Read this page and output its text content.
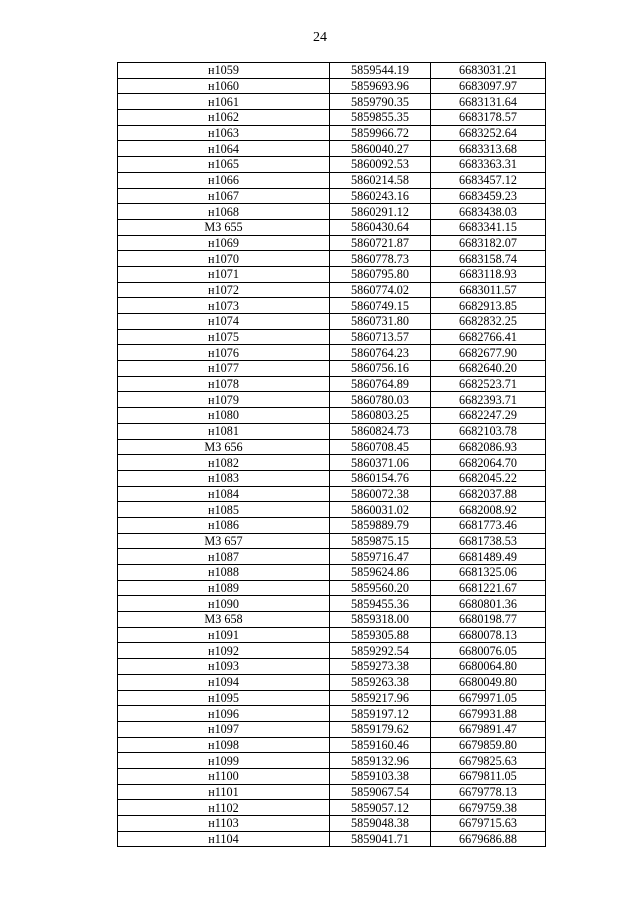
24
н1059	5859544.19	6683031.21
н1060	5859693.96	6683097.97
н1061	5859790.35	6683131.64
н1062	5859855.35	6683178.57
н1063	5859966.72	6683252.64
н1064	5860040.27	6683313.68
н1065	5860092.53	6683363.31
н1066	5860214.58	6683457.12
н1067	5860243.16	6683459.23
н1068	5860291.12	6683438.03
МЗ 655	5860430.64	6683341.15
н1069	5860721.87	6683182.07
н1070	5860778.73	6683158.74
н1071	5860795.80	6683118.93
н1072	5860774.02	6683011.57
н1073	5860749.15	6682913.85
н1074	5860731.80	6682832.25
н1075	5860713.57	6682766.41
н1076	5860764.23	6682677.90
н1077	5860756.16	6682640.20
н1078	5860764.89	6682523.71
н1079	5860780.03	6682393.71
н1080	5860803.25	6682247.29
н1081	5860824.73	6682103.78
МЗ 656	5860708.45	6682086.93
н1082	5860371.06	6682064.70
н1083	5860154.76	6682045.22
н1084	5860072.38	6682037.88
н1085	5860031.02	6682008.92
н1086	5859889.79	6681773.46
МЗ 657	5859875.15	6681738.53
н1087	5859716.47	6681489.49
н1088	5859624.86	6681325.06
н1089	5859560.20	6681221.67
н1090	5859455.36	6680801.36
МЗ 658	5859318.00	6680198.77
н1091	5859305.88	6680078.13
н1092	5859292.54	6680076.05
н1093	5859273.38	6680064.80
н1094	5859263.38	6680049.80
н1095	5859217.96	6679971.05
н1096	5859197.12	6679931.88
н1097	5859179.62	6679891.47
н1098	5859160.46	6679859.80
н1099	5859132.96	6679825.63
н1100	5859103.38	6679811.05
н1101	5859067.54	6679778.13
н1102	5859057.12	6679759.38
н1103	5859048.38	6679715.63
н1104	5859041.71	6679686.88
